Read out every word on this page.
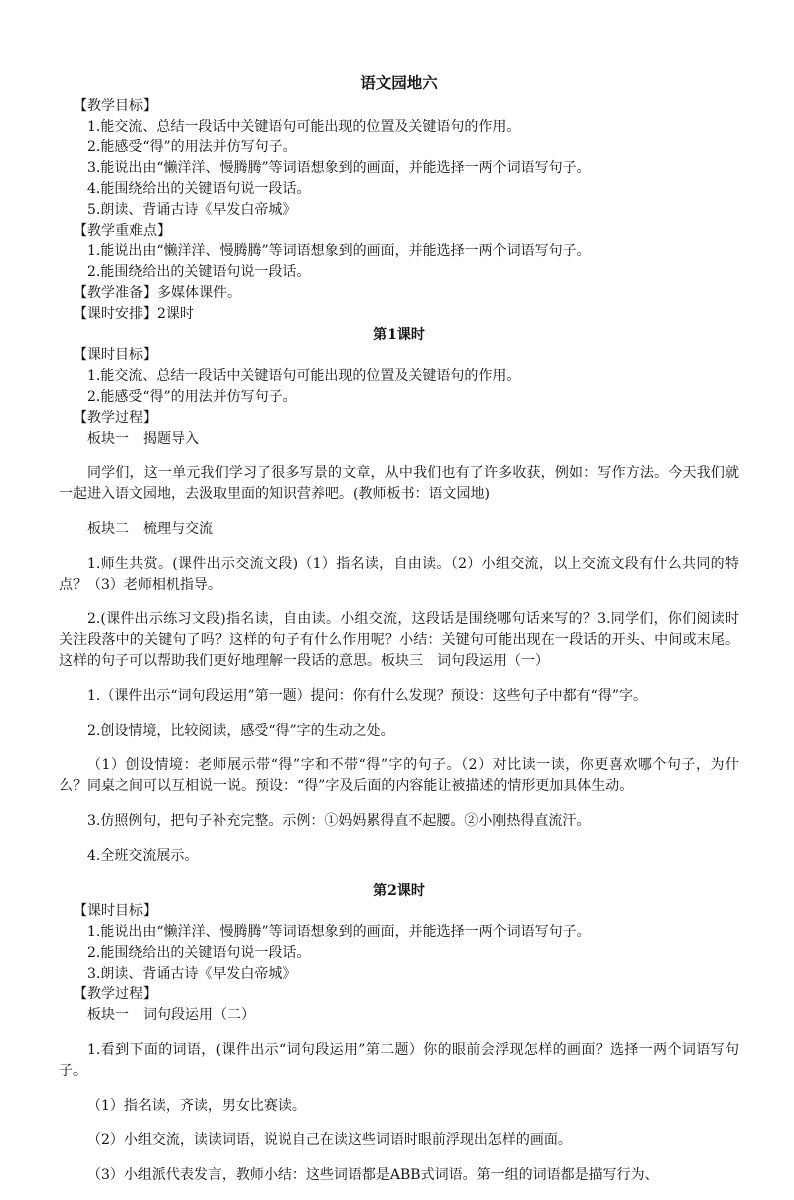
语文园地六

【教学目标】

1.能交流、总结一段话中关键语句可能出现的位置及关键语句的作用。

2.能感受“得”的用法并仿写句子。

3.能说出由“懒洋洋、慢腾腾”等词语想象到的画面，并能选择一两个词语写句子。

4.能围绕给出的关键语句说一段话。

5.朗读、背诵古诗《早发白帝城》

【教学重难点】

1.能说出由“懒洋洋、慢腾腾”等词语想象到的画面，并能选择一两个词语写句子。

2.能围绕给出的关键语句说一段话。

【教学准备】多媒体课件。

【课时安排】2课时

第1课时

【课时目标】

1.能交流、总结一段话中关键语句可能出现的位置及关键语句的作用。

2.能感受“得”的用法并仿写句子。

【教学过程】

板块一　揭题导入

同学们，这一单元我们学习了很多写景的文章，从中我们也有了许多收获，例如：写作方法。今天我们就一起进入语文园地，去汲取里面的知识营养吧。(教师板书：语文园地)

板块二　梳理与交流

1.师生共赏。(课件出示交流文段)（1）指名读，自由读。（2）小组交流，以上交流文段有什么共同的特点？（3）老师相机指导。

2.(课件出示练习文段)指名读，自由读。小组交流，这段话是围绕哪句话来写的？3.同学们，你们阅读时关注段落中的关键句了吗？这样的句子有什么作用呢？小结：关键句可能出现在一段话的开头、中间或末尾。这样的句子可以帮助我们更好地理解一段话的意思。板块三　词句段运用（一）

1.（课件出示“词句段运用”第一题）提问：你有什么发现？预设：这些句子中都有“得”字。

2.创设情境，比较阅读，感受“得”字的生动之处。

（1）创设情境：老师展示带“得”字和不带“得”字的句子。（2）对比读一读，你更喜欢哪个句子，为什么？同桌之间可以互相说一说。预设：“得”字及后面的内容能让被描述的情形更加具体生动。

3.仿照例句，把句子补充完整。示例：①妈妈累得直不起腰。②小刚热得直流汗。

4.全班交流展示。

第2课时

【课时目标】

1.能说出由“懒洋洋、慢腾腾”等词语想象到的画面，并能选择一两个词语写句子。

2.能围绕给出的关键语句说一段话。

3.朗读、背诵古诗《早发白帝城》

【教学过程】

板块一　词句段运用（二）

1.看到下面的词语，(课件出示“词句段运用”第二题）你的眼前会浮现怎样的画面？选择一两个词语写句子。

（1）指名读，齐读，男女比赛读。

（2）小组交流，读读词语，说说自己在读这些词语时眼前浮现出怎样的画面。

（3）小组派代表发言，教师小结：这些词语都是ABB式词语。第一组的词语都是描写行为、
